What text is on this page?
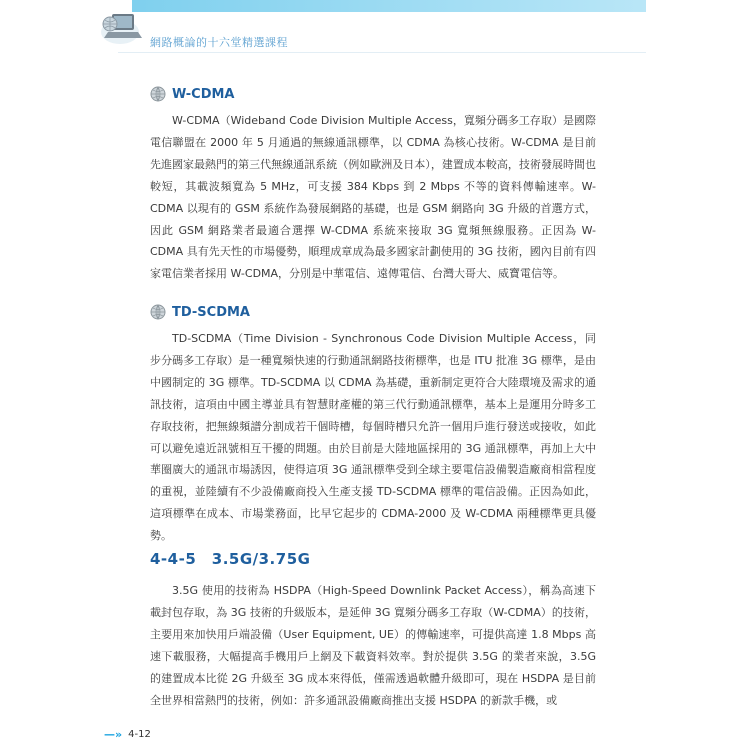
網路概論的十六堂精選課程
W-CDMA

W-CDMA（Wideband Code Division Multiple Access，寬頻分碼多工存取）是國際電信聯盟在 2000 年 5 月通過的無線通訊標準，以 CDMA 為核心技術。W-CDMA 是目前先進國家最熱門的第三代無線通訊系統（例如歐洲及日本），建置成本較高，技術發展時間也較短，其載波頻寬為 5 MHz，可支援 384 Kbps 到 2 Mbps 不等的資料傳輸速率。W-CDMA 以現有的 GSM 系統作為發展網路的基礎，也是 GSM 網路向 3G 升級的首選方式，因此 GSM 網路業者最適合選擇 W-CDMA 系統來接取 3G 寬頻無線服務。正因為 W-CDMA 具有先天性的市場優勢，順理成章成為最多國家計劃使用的 3G 技術，國內目前有四家電信業者採用 W-CDMA，分別是中華電信、遠傳電信、台灣大哥大、威寶電信等。

TD-SCDMA

TD-SCDMA（Time Division - Synchronous Code Division Multiple Access，同步分碼多工存取）是一種寬頻快速的行動通訊網路技術標準，也是 ITU 批准 3G 標準，是由中國制定的 3G 標準。TD-SCDMA 以 CDMA 為基礎，重新制定更符合大陸環境及需求的通訊技術，這項由中國主導並具有智慧財產權的第三代行動通訊標準，基本上是運用分時多工存取技術，把無線頻譜分割成若干個時槽，每個時槽只允許一個用戶進行發送或接收，如此可以避免遠近訊號相互干擾的問題。由於目前是大陸地區採用的 3G 通訊標準，再加上大中華圈廣大的通訊市場誘因，使得這項 3G 通訊標準受到全球主要電信設備製造廠商相當程度的重視，並陸續有不少設備廠商投入生產支援 TD-SCDMA 標準的電信設備。正因為如此，這項標準在成本、市場業務面，比早它起步的 CDMA-2000 及 W-CDMA 兩種標準更具優勢。

4-4-5　3.5G/3.75G

3.5G 使用的技術為 HSDPA（High-Speed Downlink Packet Access），稱為高速下載封包存取，為 3G 技術的升級版本，是延伸 3G 寬頻分碼多工存取（W-CDMA）的技術，主要用來加快用戶端設備（User Equipment, UE）的傳輸速率，可提供高達 1.8 Mbps 高速下載服務，大幅提高手機用戶上網及下載資料效率。對於提供 3.5G 的業者來說，3.5G 的建置成本比從 2G 升級至 3G 成本來得低，僅需透過軟體升級即可，現在 HSDPA 是目前全世界相當熱門的技術，例如：許多通訊設備廠商推出支援 HSDPA 的新款手機，或

—» 4-12
